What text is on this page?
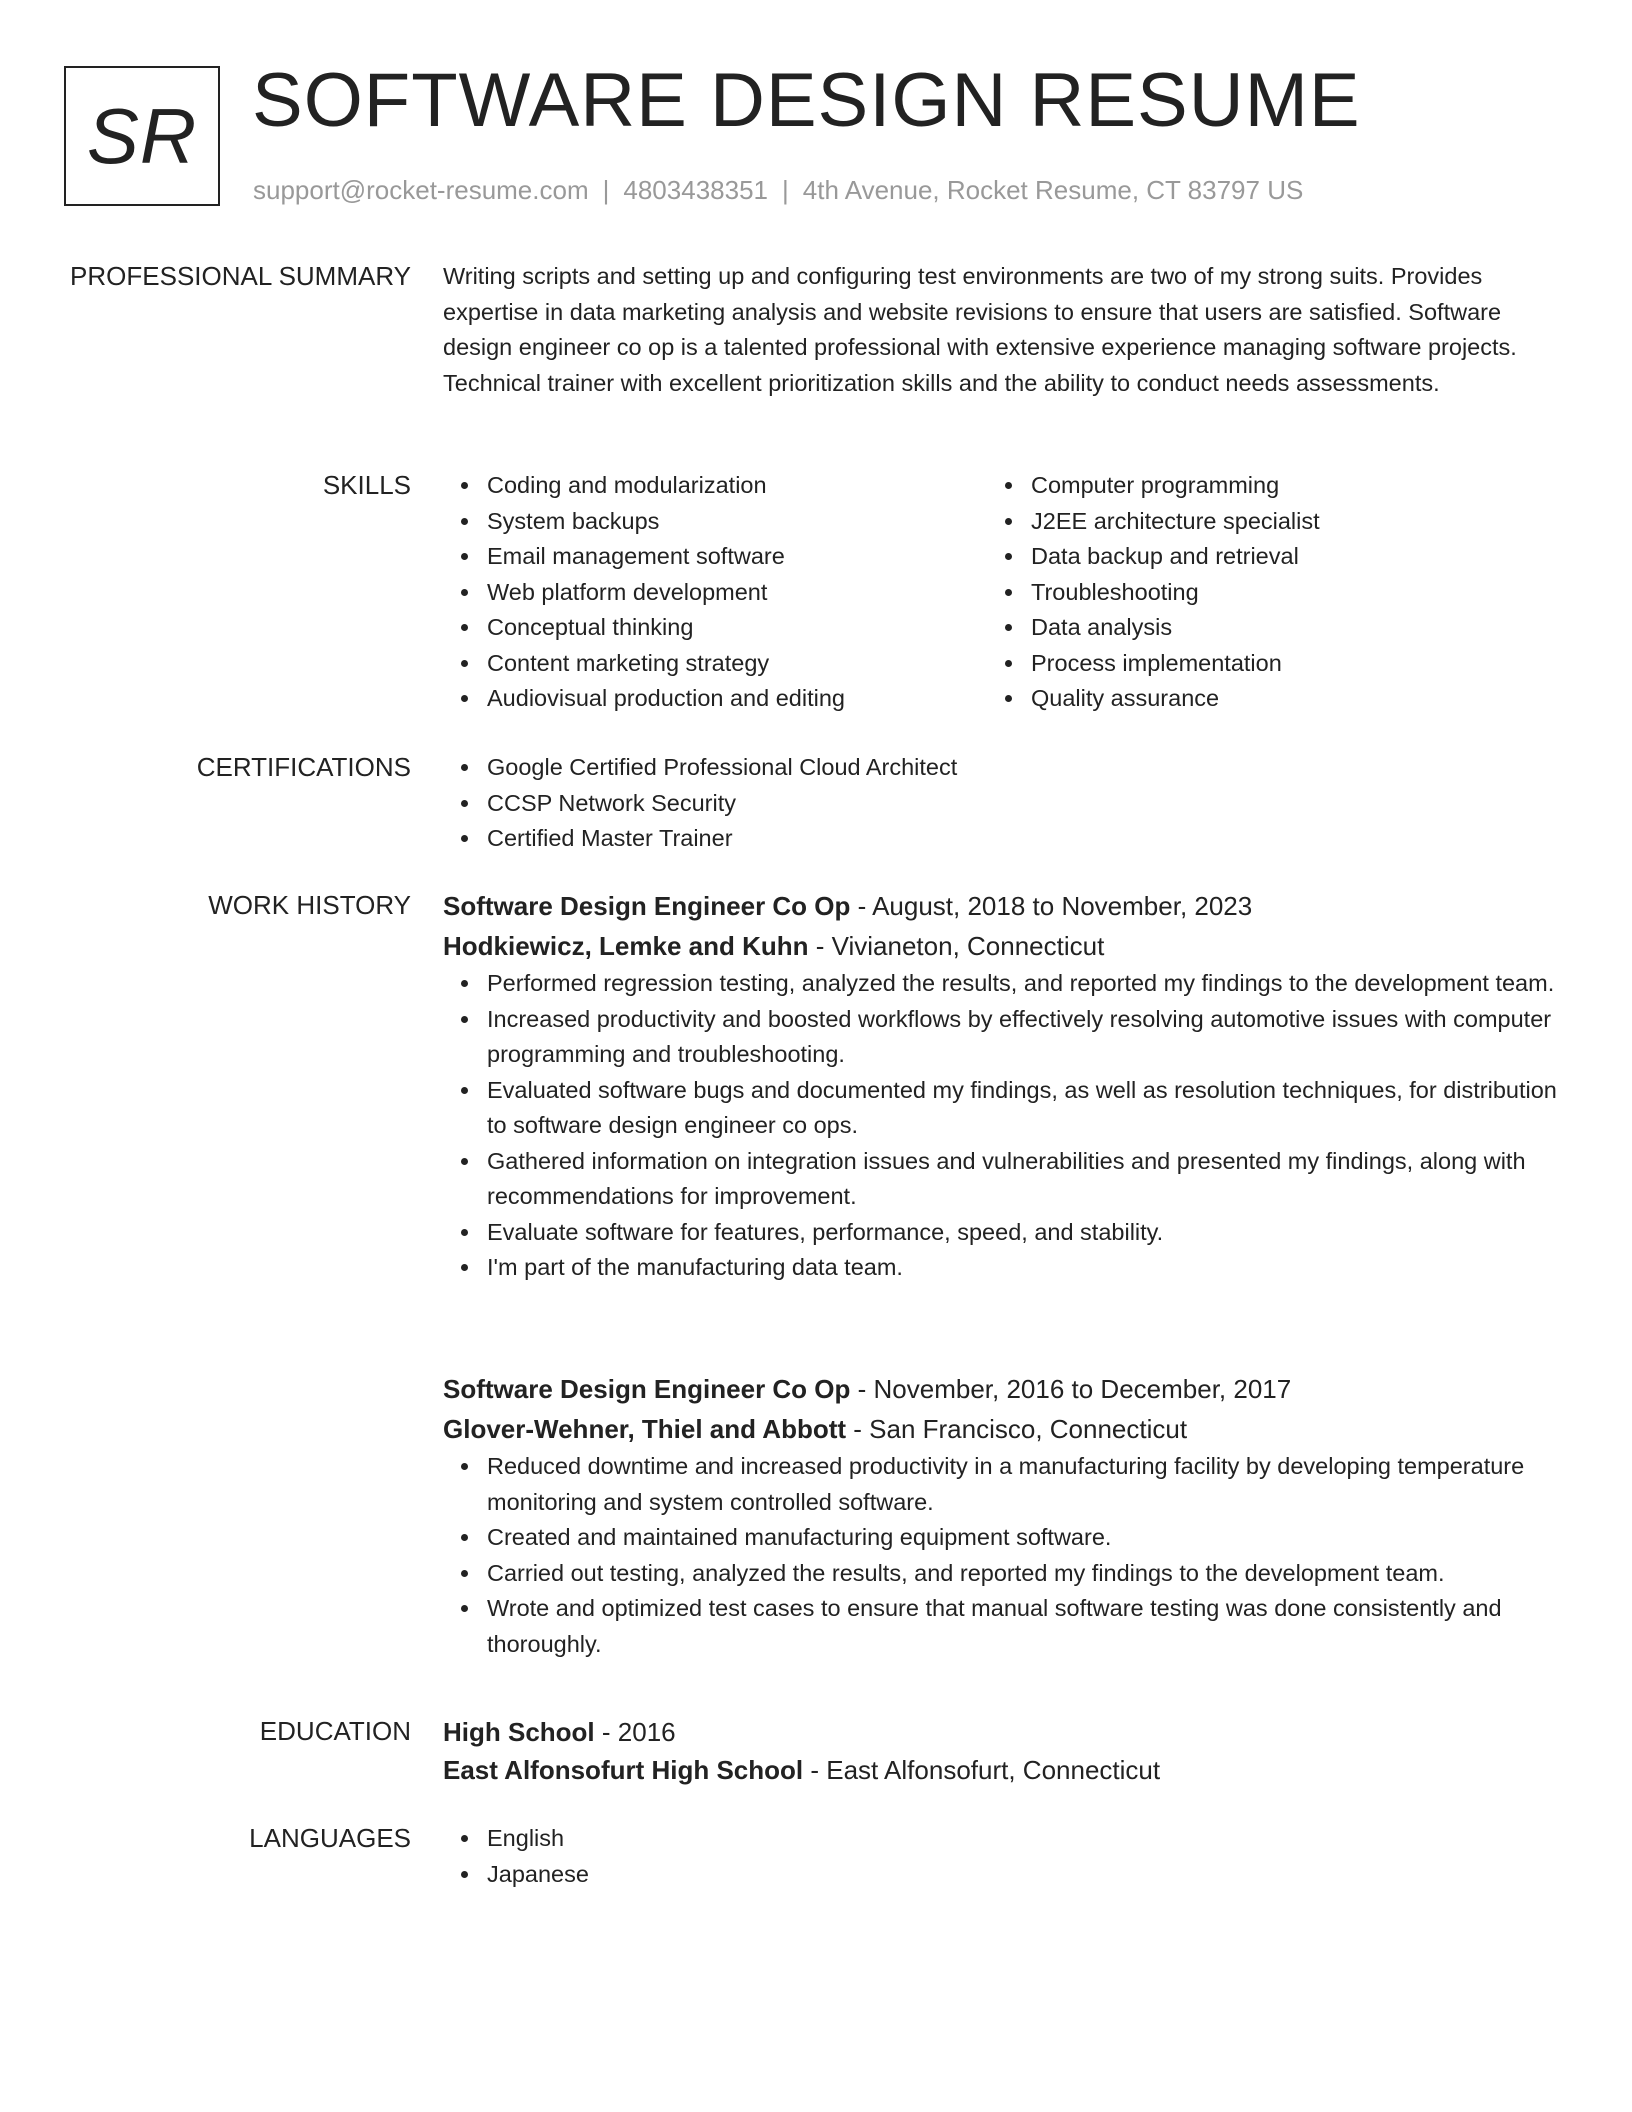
SR SOFTWARE DESIGN RESUME
support@rocket-resume.com | 4803438351 | 4th Avenue, Rocket Resume, CT 83797 US
PROFESSIONAL SUMMARY Writing scripts and setting up and configuring test environments are two of my strong suits. Provides expertise in data marketing analysis and website revisions to ensure that users are satisfied. Software design engineer co op is a talented professional with extensive experience managing software projects. Technical trainer with excellent prioritization skills and the ability to conduct needs assessments.

SKILLS	Coding and modularization
System backups
Email management software
Web platform development
Conceptual thinking
Content marketing strategy
Audiovisual production and editing
Computer programming
J2EE architecture specialist
Data backup and retrieval
Troubleshooting
Data analysis
Process implementation
Quality assurance
CERTIFICATIONS	Google Certified Professional Cloud Architect
CCSP Network Security
Certified Master Trainer
WORK HISTORY Software Design Engineer Co Op - August, 2018 to November, 2023
Hodkiewicz, Lemke and Kuhn - Vivianeton, Connecticut
Performed regression testing, analyzed the results, and reported my findings to the development team.
Increased productivity and boosted workflows by effectively resolving automotive issues with computer programming and troubleshooting.
Evaluated software bugs and documented my findings, as well as resolution techniques, for distribution to software design engineer co ops.
Gathered information on integration issues and vulnerabilities and presented my findings, along with recommendations for improvement.
Evaluate software for features, performance, speed, and stability.
I'm part of the manufacturing data team.
Software Design Engineer Co Op - November, 2016 to December, 2017
Glover-Wehner, Thiel and Abbott - San Francisco, Connecticut
Reduced downtime and increased productivity in a manufacturing facility by developing temperature monitoring and system controlled software.
Created and maintained manufacturing equipment software.
Carried out testing, analyzed the results, and reported my findings to the development team.
Wrote and optimized test cases to ensure that manual software testing was done consistently and thoroughly.
EDUCATION High School - 2016
East Alfonsofurt High School - East Alfonsofurt, Connecticut
LANGUAGES	English
Japanese
